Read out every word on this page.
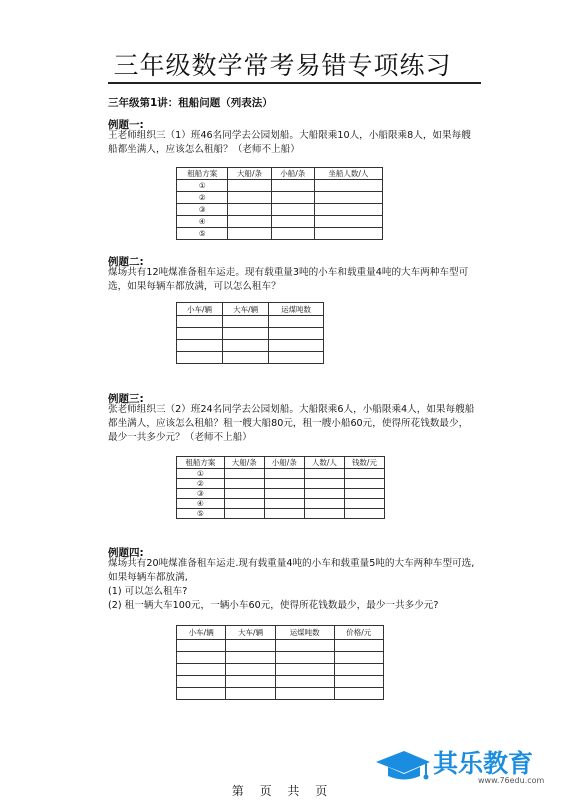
三年级数学常考易错专项练习
三年级第1讲：租船问题（列表法）
例题一:
王老师组织三（1）班46名同学去公园划船。大船限乘10人，小船限乘8人，如果每艘
船都坐满人，应该怎么租船？（老师不上船）
租船方案	大船/条	小船/条	坐船人数/人
①			
②			
③			
④			
⑤			
例题二:
煤场共有12吨煤准备租车运走。现有载重量3吨的小车和载重量4吨的大车两种车型可
选，如果每辆车都放满，可以怎么租车？
小车/辆	大车/辆	运煤吨数

例题三:
张老师组织三（2）班24名同学去公园划船。大船限乘6人，小船限乘4人，如果每艘船
都坐满人，应该怎么租船？租一艘大船80元，租一艘小船60元，使得所花钱数最少，
最少一共多少元？（老师不上船）
租船方案	大船/条	小船/条	人数/人	钱数/元
①				
②				
③				
④				
⑤				
例题四:
煤场共有20吨煤准备租车运走.现有载重量4吨的小车和载重量5吨的大车两种车型可选,
如果每辆车都放满,
(1) 可以怎么租车?
(2) 租一辆大车100元，一辆小车60元，使得所花钱数最少，最少一共多少元?
小车/辆	大车/辆	运煤吨数	价格/元

第 页 共 页
其乐教育
www.76edu.com
